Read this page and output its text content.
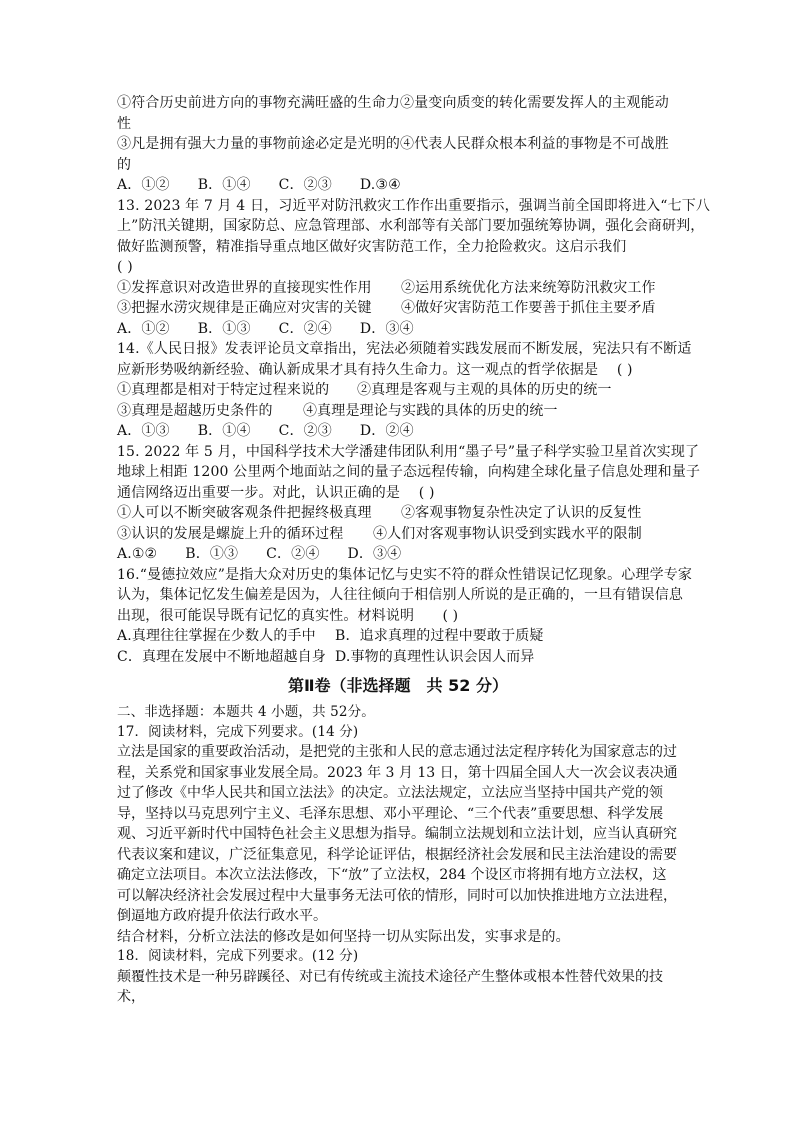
①符合历史前进方向的事物充满旺盛的生命力②量变向质变的转化需要发挥人的主观能动
性
③凡是拥有强大力量的事物前途必定是光明的④代表人民群众根本利益的事物是不可战胜
的
A．①② B．①④ C．②③ D.③④
13. 2023 年 7 月 4 日，习近平对防汛救灾工作作出重要指示，强调当前全国即将进入“七下八
上”防汛关键期，国家防总、应急管理部、水利部等有关部门要加强统筹协调，强化会商研判，
做好监测预警，精准指导重点地区做好灾害防范工作，全力抢险救灾。这启示我们
( )
①发挥意识对改造世界的直接现实性作用 ②运用系统优化方法来统筹防汛救灾工作
③把握水涝灾规律是正确应对灾害的关键 ④做好灾害防范工作要善于抓住主要矛盾
A．①② B．①③ C．②④ D．③④
14.《人民日报》发表评论员文章指出，宪法必须随着实践发展而不断发展，宪法只有不断适
应新形势吸纳新经验、确认新成果才具有持久生命力。这一观点的哲学依据是　 ( )
①真理都是相对于特定过程来说的 ②真理是客观与主观的具体的历史的统一
③真理是超越历史条件的 ④真理是理论与实践的具体的历史的统一
A．①③ B．①④ C．②③ D．②④
15. 2022 年 5 月，中国科学技术大学潘建伟团队利用“墨子号”量子科学实验卫星首次实现了
地球上相距 1200 公里两个地面站之间的量子态远程传输，向构建全球化量子信息处理和量子
通信网络迈出重要一步。对此，认识正确的是　 ( )
①人可以不断突破客观条件把握终极真理 ②客观事物复杂性决定了认识的反复性
③认识的发展是螺旋上升的循环过程 ④人们对客观事物认识受到实践水平的限制
A.①② B．①③ C．②④ D．③④
16.“曼德拉效应”是指大众对历史的集体记忆与史实不符的群众性错误记忆现象。心理学专家
认为，集体记忆发生偏差是因为，人往往倾向于相信别人所说的是正确的，一旦有错误信息
出现，很可能误导既有记忆的真实性。材料说明　　( )
A.真理往往掌握在少数人的手中 B．追求真理的过程中要敢于质疑
C．真理在发展中不断地超越自身 D.事物的真理性认识会因人而异
第Ⅱ卷（非选择题　共 52 分）
二、非选择题：本题共 4 小题，共 52分。
17．阅读材料，完成下列要求。(14 分)
立法是国家的重要政治活动，是把党的主张和人民的意志通过法定程序转化为国家意志的过程，关系党和国家事业发展全局。2023 年 3 月 13 日，第十四届全国人大一次会议表决通过了修改《中华人民共和国立法法》的决定。立法法规定，立法应当坚持中国共产党的领导，坚持以马克思列宁主义、毛泽东思想、邓小平理论、“三个代表”重要思想、科学发展观、习近平新时代中国特色社会主义思想为指导。编制立法规划和立法计划，应当认真研究代表议案和建议，广泛征集意见，科学论证评估，根据经济社会发展和民主法治建设的需要确定立法项目。本次立法法修改，下“放”了立法权，284 个设区市将拥有地方立法权，这可以解决经济社会发展过程中大量事务无法可依的情形，同时可以加快推进地方立法进程，倒逼地方政府提升依法行政水平。
结合材料，分析立法法的修改是如何坚持一切从实际出发，实事求是的。
18．阅读材料，完成下列要求。(12 分)
颠覆性技术是一种另辟蹊径、对已有传统或主流技术途径产生整体或根本性替代效果的技术，
